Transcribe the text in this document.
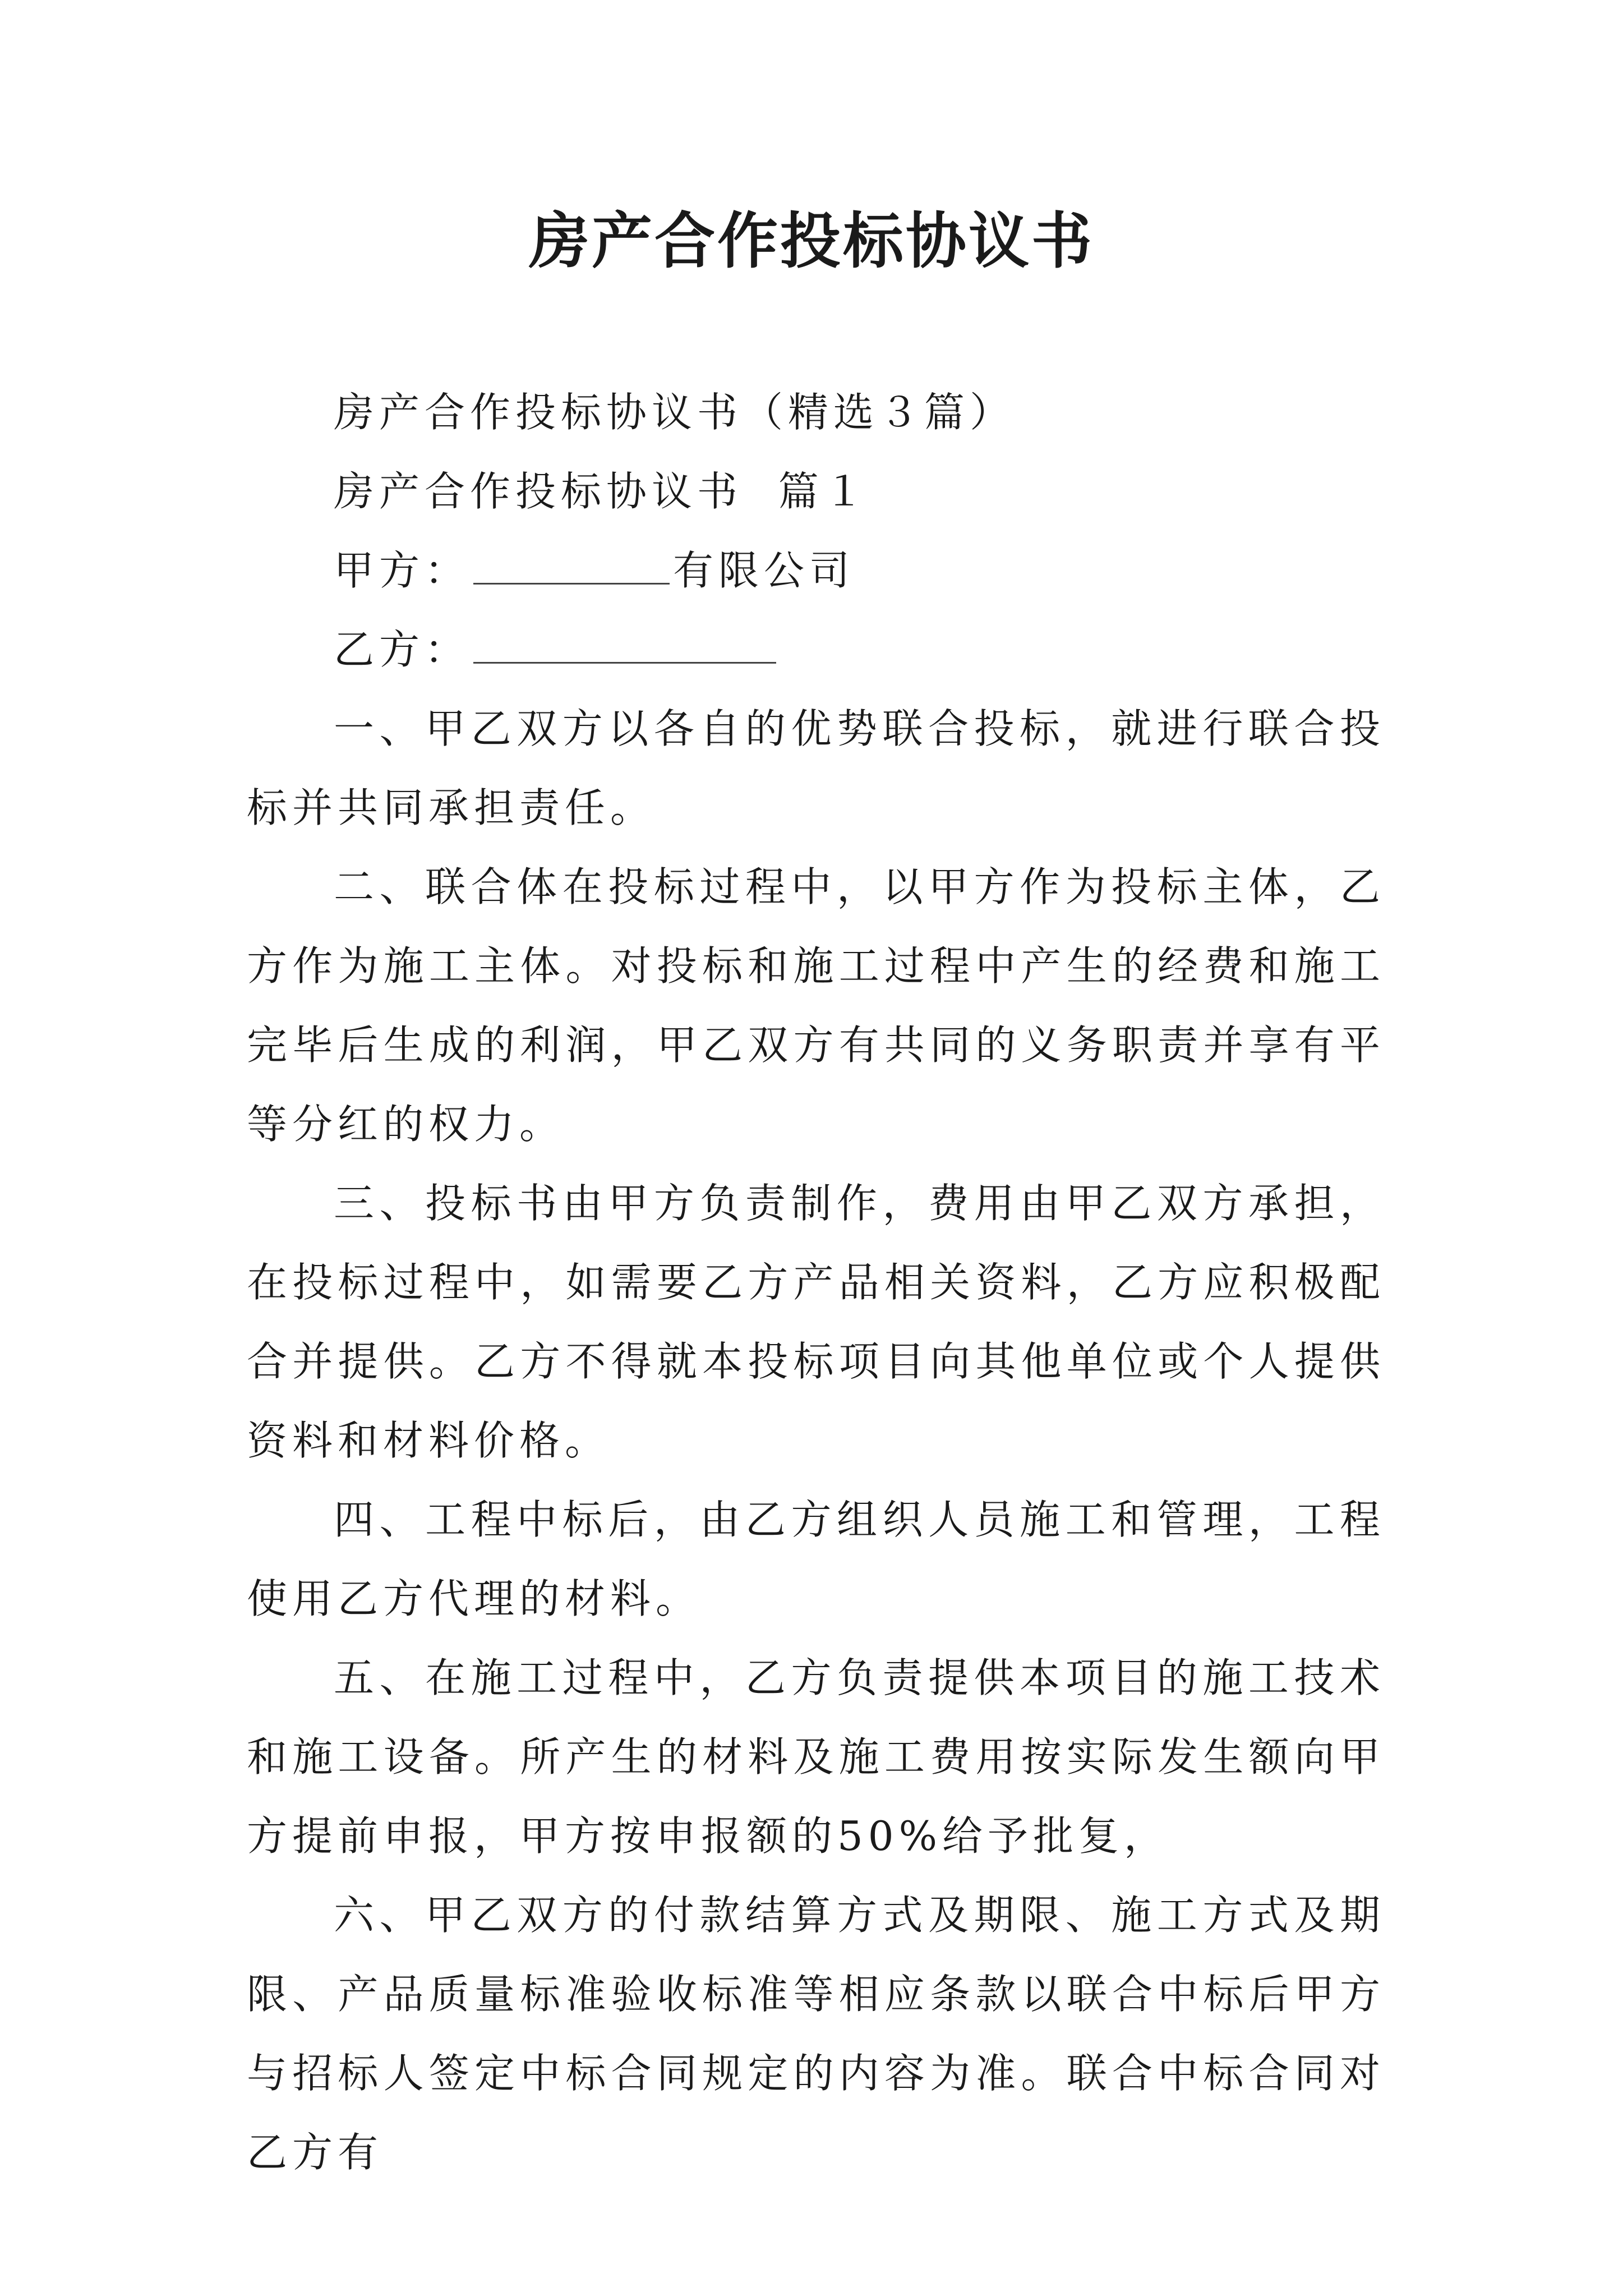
房产合作投标协议书

房产合作投标协议书（精选３篇）

房产合作投标协议书  篇１

甲方：	有限公司

乙方：

一、甲乙双方以各自的优势联合投标，就进行联合投标并共同承担责任。

二、联合体在投标过程中，以甲方作为投标主体，乙方作为施工主体。对投标和施工过程中产生的经费和施工完毕后生成的利润，甲乙双方有共同的义务职责并享有平等分红的权力。

三、投标书由甲方负责制作，费用由甲乙双方承担，在投标过程中，如需要乙方产品相关资料，乙方应积极配合并提供。乙方不得就本投标项目向其他单位或个人提供资料和材料价格。

四、工程中标后，由乙方组织人员施工和管理，工程使用乙方代理的材料。

五、在施工过程中，乙方负责提供本项目的施工技术和施工设备。所产生的材料及施工费用按实际发生额向甲方提前申报，甲方按申报额的50%给予批复，

六、甲乙双方的付款结算方式及期限、施工方式及期限、产品质量标准验收标准等相应条款以联合中标后甲方与招标人签定中标合同规定的内容为准。联合中标合同对乙方有
